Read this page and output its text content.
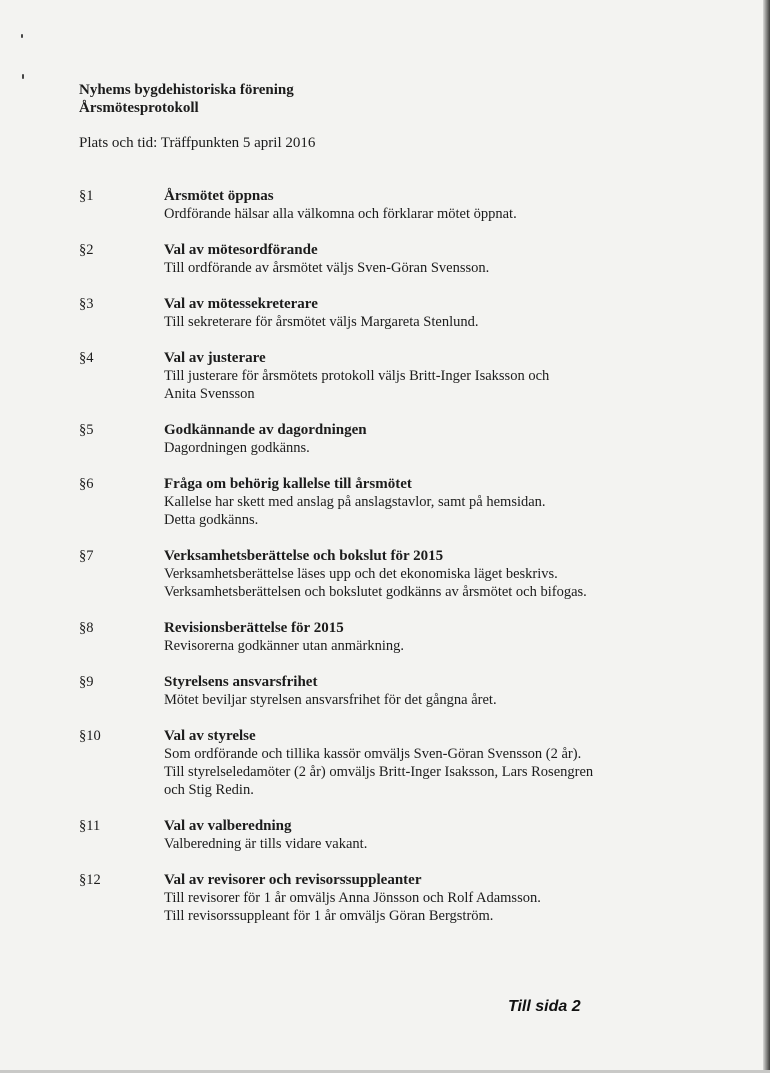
Nyhems bygdehistoriska förening
Årsmötesprotokoll
Plats och tid: Träffpunkten 5 april 2016
§1	Årsmötet öppnas
Ordförande hälsar alla välkomna och förklarar mötet öppnat.
§2	Val av mötesordförande
Till ordförande av årsmötet väljs Sven-Göran Svensson.
§3	Val av mötessekreterare
Till sekreterare för årsmötet väljs Margareta Stenlund.
§4	Val av justerare
Till justerare för årsmötets protokoll väljs Britt-Inger Isaksson och
Anita Svensson
§5	Godkännande av dagordningen
Dagordningen godkänns.
§6	Fråga om behörig kallelse till årsmötet
Kallelse har skett med anslag på anslagstavlor, samt på hemsidan.
Detta godkänns.
§7	Verksamhetsberättelse och bokslut för 2015
Verksamhetsberättelse läses upp och det ekonomiska läget beskrivs.
Verksamhetsberättelsen och bokslutet godkänns av årsmötet och bifogas.
§8	Revisionsberättelse för 2015
Revisorerna godkänner utan anmärkning.
§9	Styrelsens ansvarsfrihet
Mötet beviljar styrelsen ansvarsfrihet för det gångna året.
§10	Val av styrelse
Som ordförande och tillika kassör omväljs Sven-Göran Svensson (2 år).
Till styrelseledamöter (2 år) omväljs Britt-Inger Isaksson, Lars Rosengren
och Stig Redin.
§11	Val av valberedning
Valberedning är tills vidare vakant.
§12	Val av revisorer och revisorssuppleanter
Till revisorer för 1 år omväljs Anna Jönsson och Rolf Adamsson.
Till revisorssuppleant för 1 år omväljs Göran Bergström.
Till sida 2
